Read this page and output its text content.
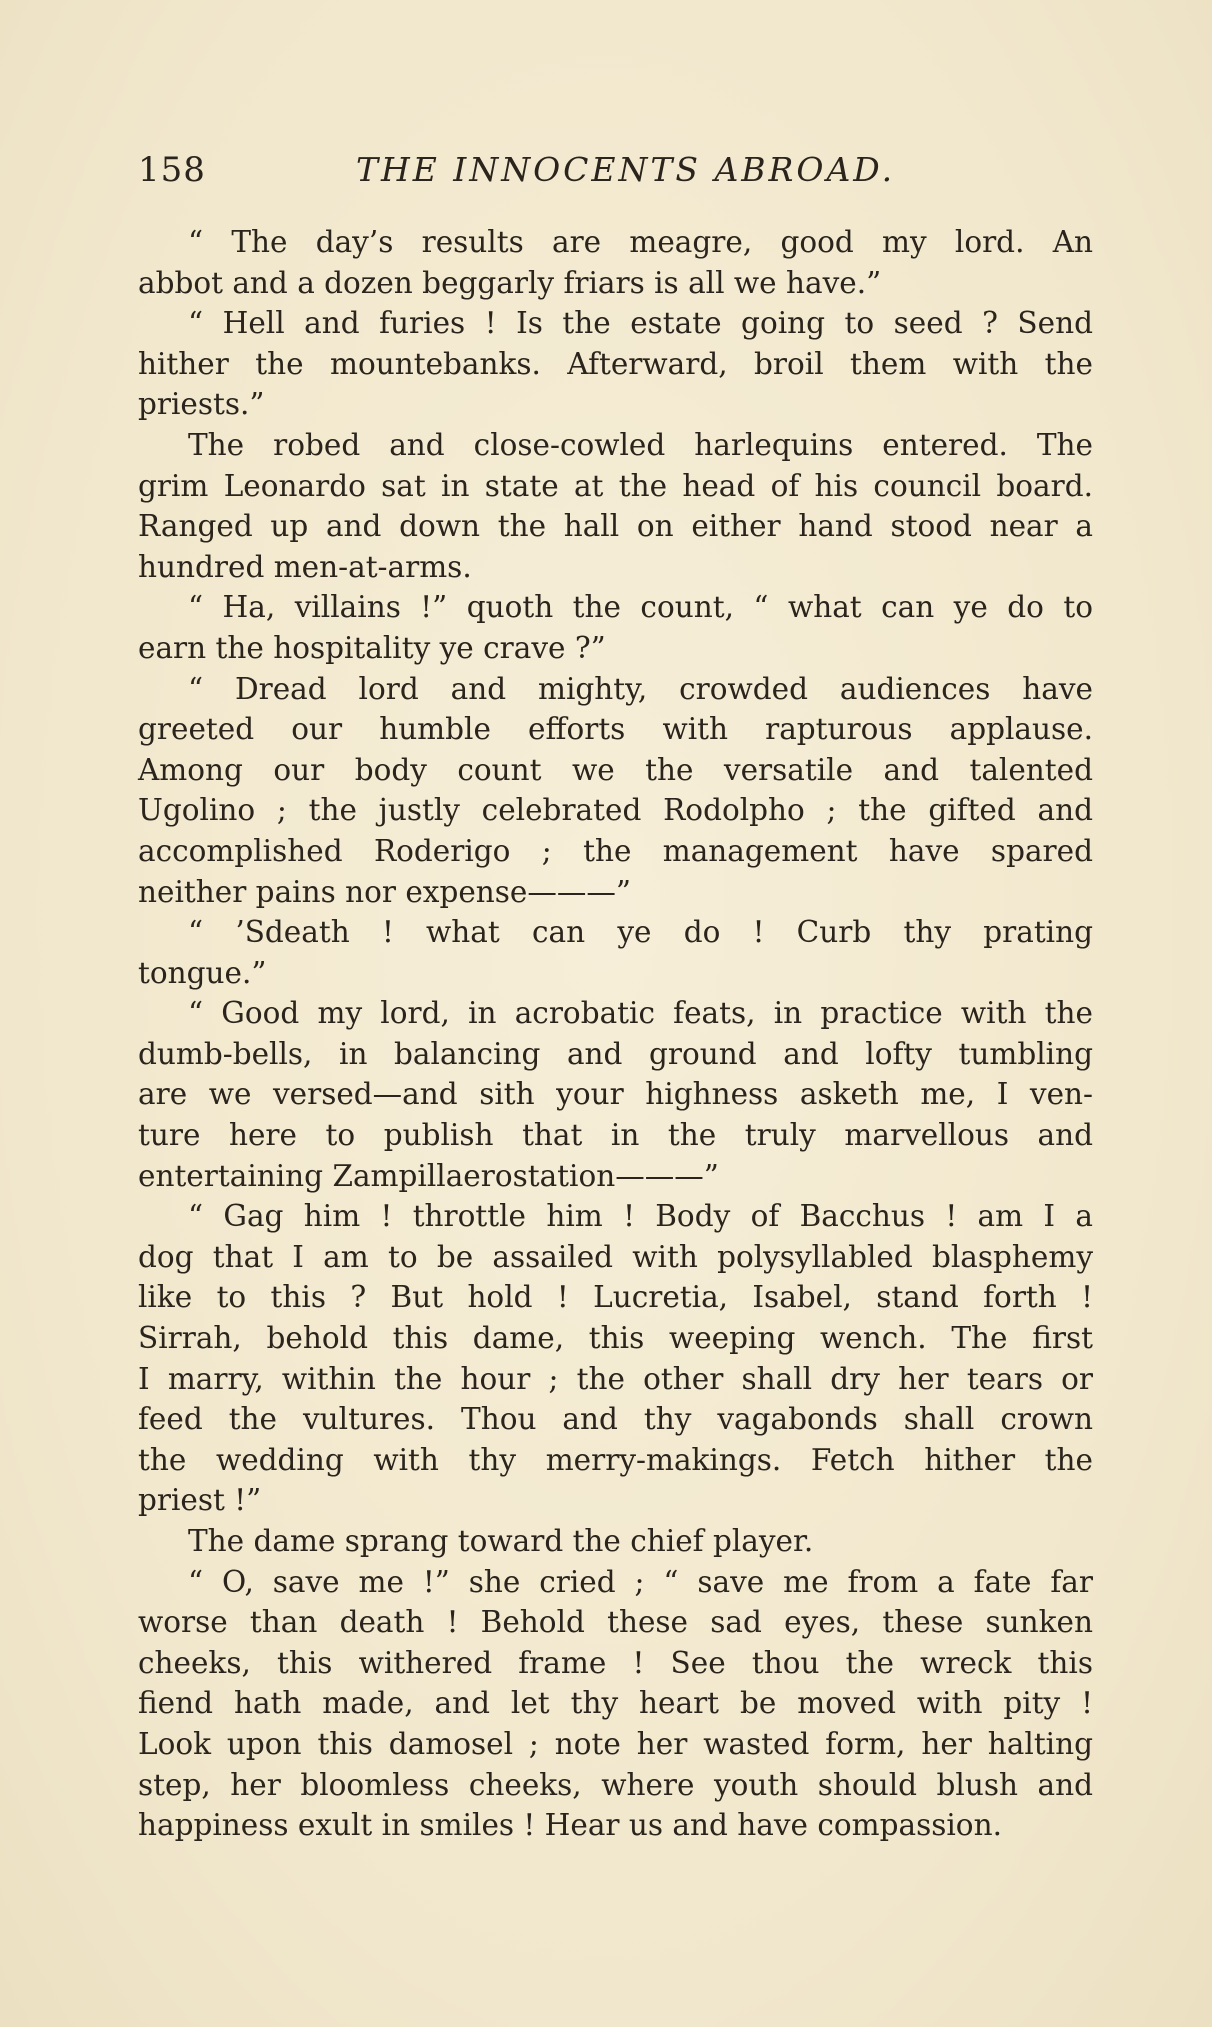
158	THE INNOCENTS ABROAD.
“ The day’s results are meagre, good my lord. An
abbot and a dozen beggarly friars is all we have.”
“ Hell and furies ! Is the estate going to seed ? Send
hither the mountebanks. Afterward, broil them with the
priests.”
The robed and close-cowled harlequins entered. The
grim Leonardo sat in state at the head of his council board.
Ranged up and down the hall on either hand stood near a
hundred men-at-arms.
“ Ha, villains !” quoth the count, “ what can ye do to
earn the hospitality ye crave ?”
“ Dread lord and mighty, crowded audiences have
greeted our humble efforts with rapturous applause.
Among our body count we the versatile and talented
Ugolino ; the justly celebrated Rodolpho ; the gifted and
accomplished Roderigo ; the management have spared
neither pains nor expense———”
“ ’Sdeath ! what can ye do ! Curb thy prating
tongue.”
“ Good my lord, in acrobatic feats, in practice with the
dumb-bells, in balancing and ground and lofty tumbling
are we versed—and sith your highness asketh me, I ven-
ture here to publish that in the truly marvellous and
entertaining Zampillaerostation———”
“ Gag him ! throttle him ! Body of Bacchus ! am I a
dog that I am to be assailed with polysyllabled blasphemy
like to this ? But hold ! Lucretia, Isabel, stand forth !
Sirrah, behold this dame, this weeping wench. The first
I marry, within the hour ; the other shall dry her tears or
feed the vultures. Thou and thy vagabonds shall crown
the wedding with thy merry-makings. Fetch hither the
priest !”
The dame sprang toward the chief player.
“ O, save me !” she cried ; “ save me from a fate far
worse than death ! Behold these sad eyes, these sunken
cheeks, this withered frame ! See thou the wreck this
fiend hath made, and let thy heart be moved with pity !
Look upon this damosel ; note her wasted form, her halting
step, her bloomless cheeks, where youth should blush and
happiness exult in smiles ! Hear us and have compassion.
